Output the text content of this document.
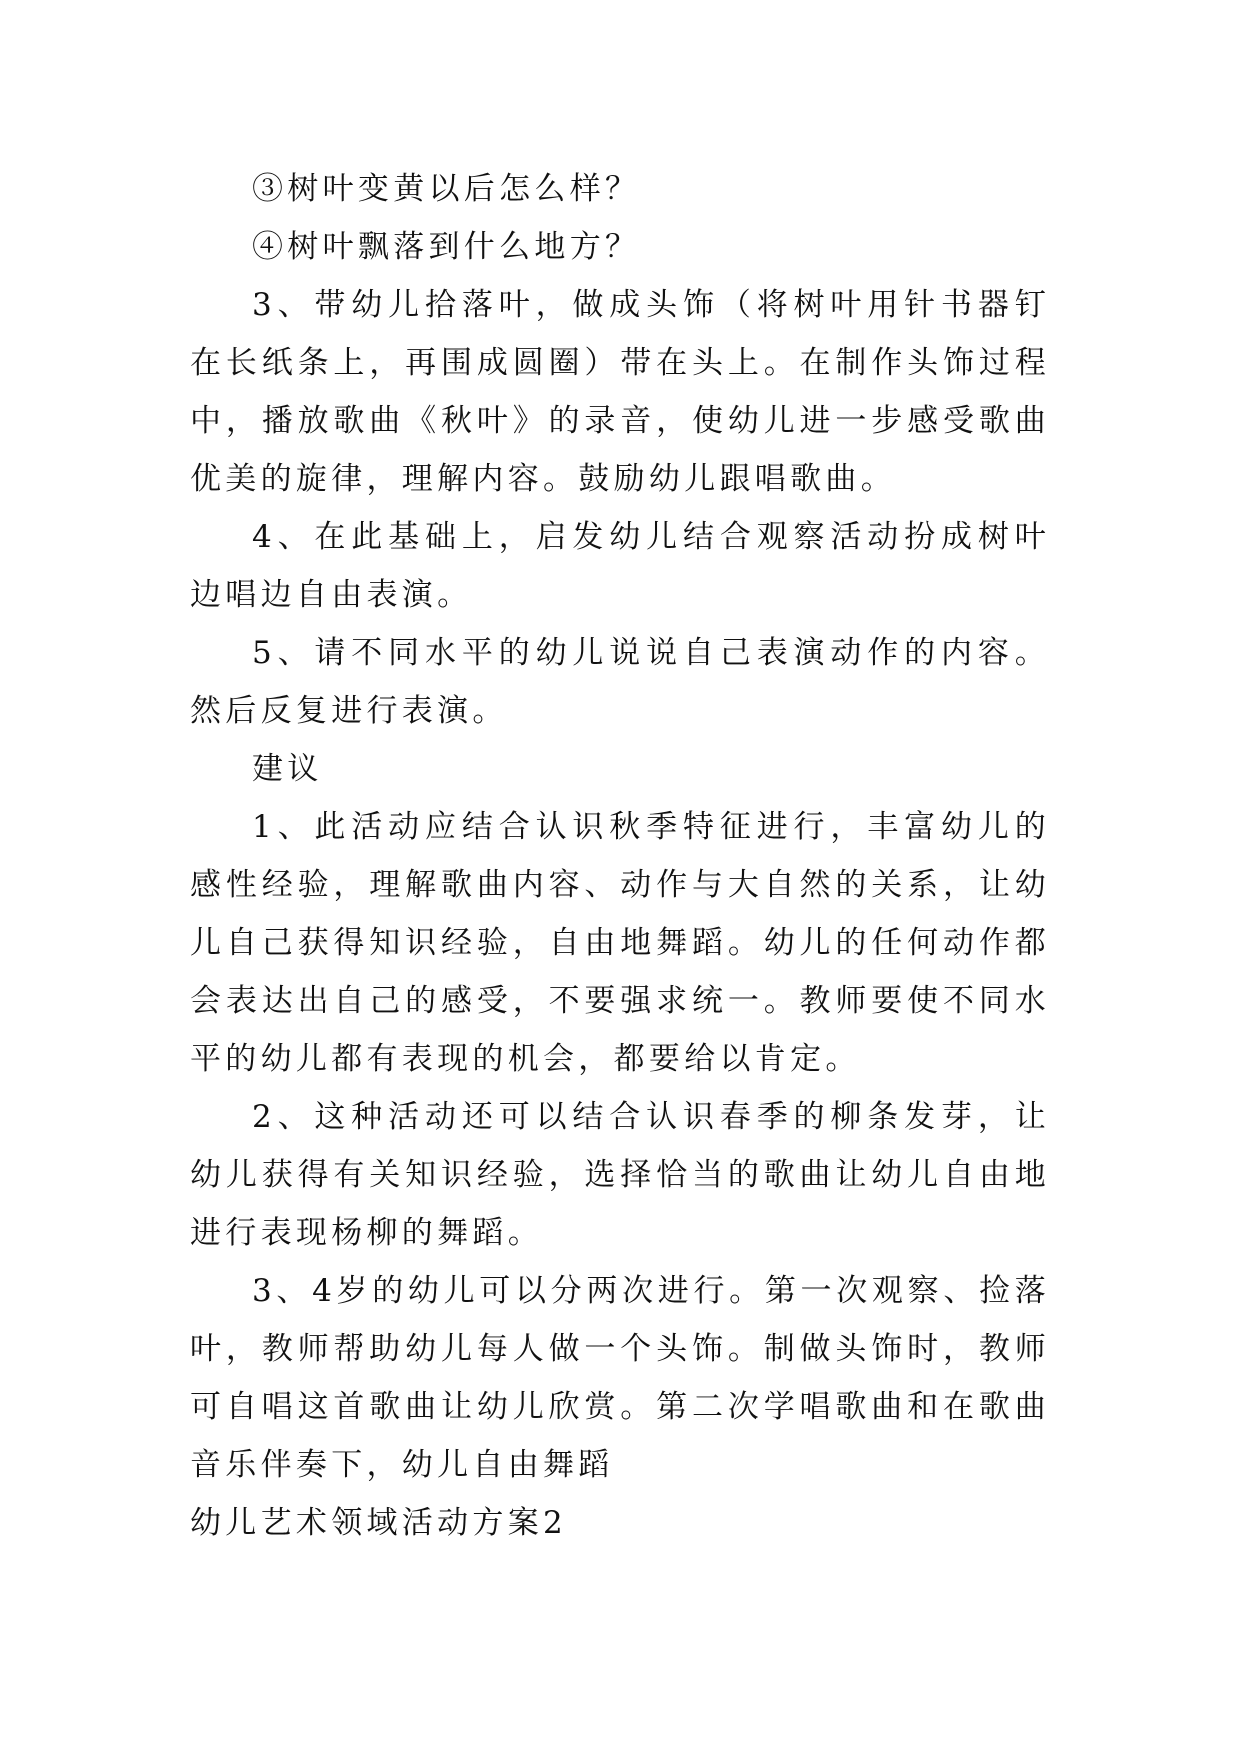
③树叶变黄以后怎么样？

④树叶飘落到什么地方？

3、带幼儿拾落叶，做成头饰（将树叶用针书器钉在长纸条上，再围成圆圈）带在头上。在制作头饰过程中，播放歌曲《秋叶》的录音，使幼儿进一步感受歌曲优美的旋律，理解内容。鼓励幼儿跟唱歌曲。

4、在此基础上，启发幼儿结合观察活动扮成树叶边唱边自由表演。

5、请不同水平的幼儿说说自己表演动作的内容。然后反复进行表演。

建议

1、此活动应结合认识秋季特征进行，丰富幼儿的感性经验，理解歌曲内容、动作与大自然的关系，让幼儿自己获得知识经验，自由地舞蹈。幼儿的任何动作都会表达出自己的感受，不要强求统一。教师要使不同水平的幼儿都有表现的机会，都要给以肯定。

2、这种活动还可以结合认识春季的柳条发芽，让幼儿获得有关知识经验，选择恰当的歌曲让幼儿自由地进行表现杨柳的舞蹈。

3、4岁的幼儿可以分两次进行。第一次观察、捡落叶，教师帮助幼儿每人做一个头饰。制做头饰时，教师可自唱这首歌曲让幼儿欣赏。第二次学唱歌曲和在歌曲音乐伴奏下，幼儿自由舞蹈

幼儿艺术领域活动方案2
